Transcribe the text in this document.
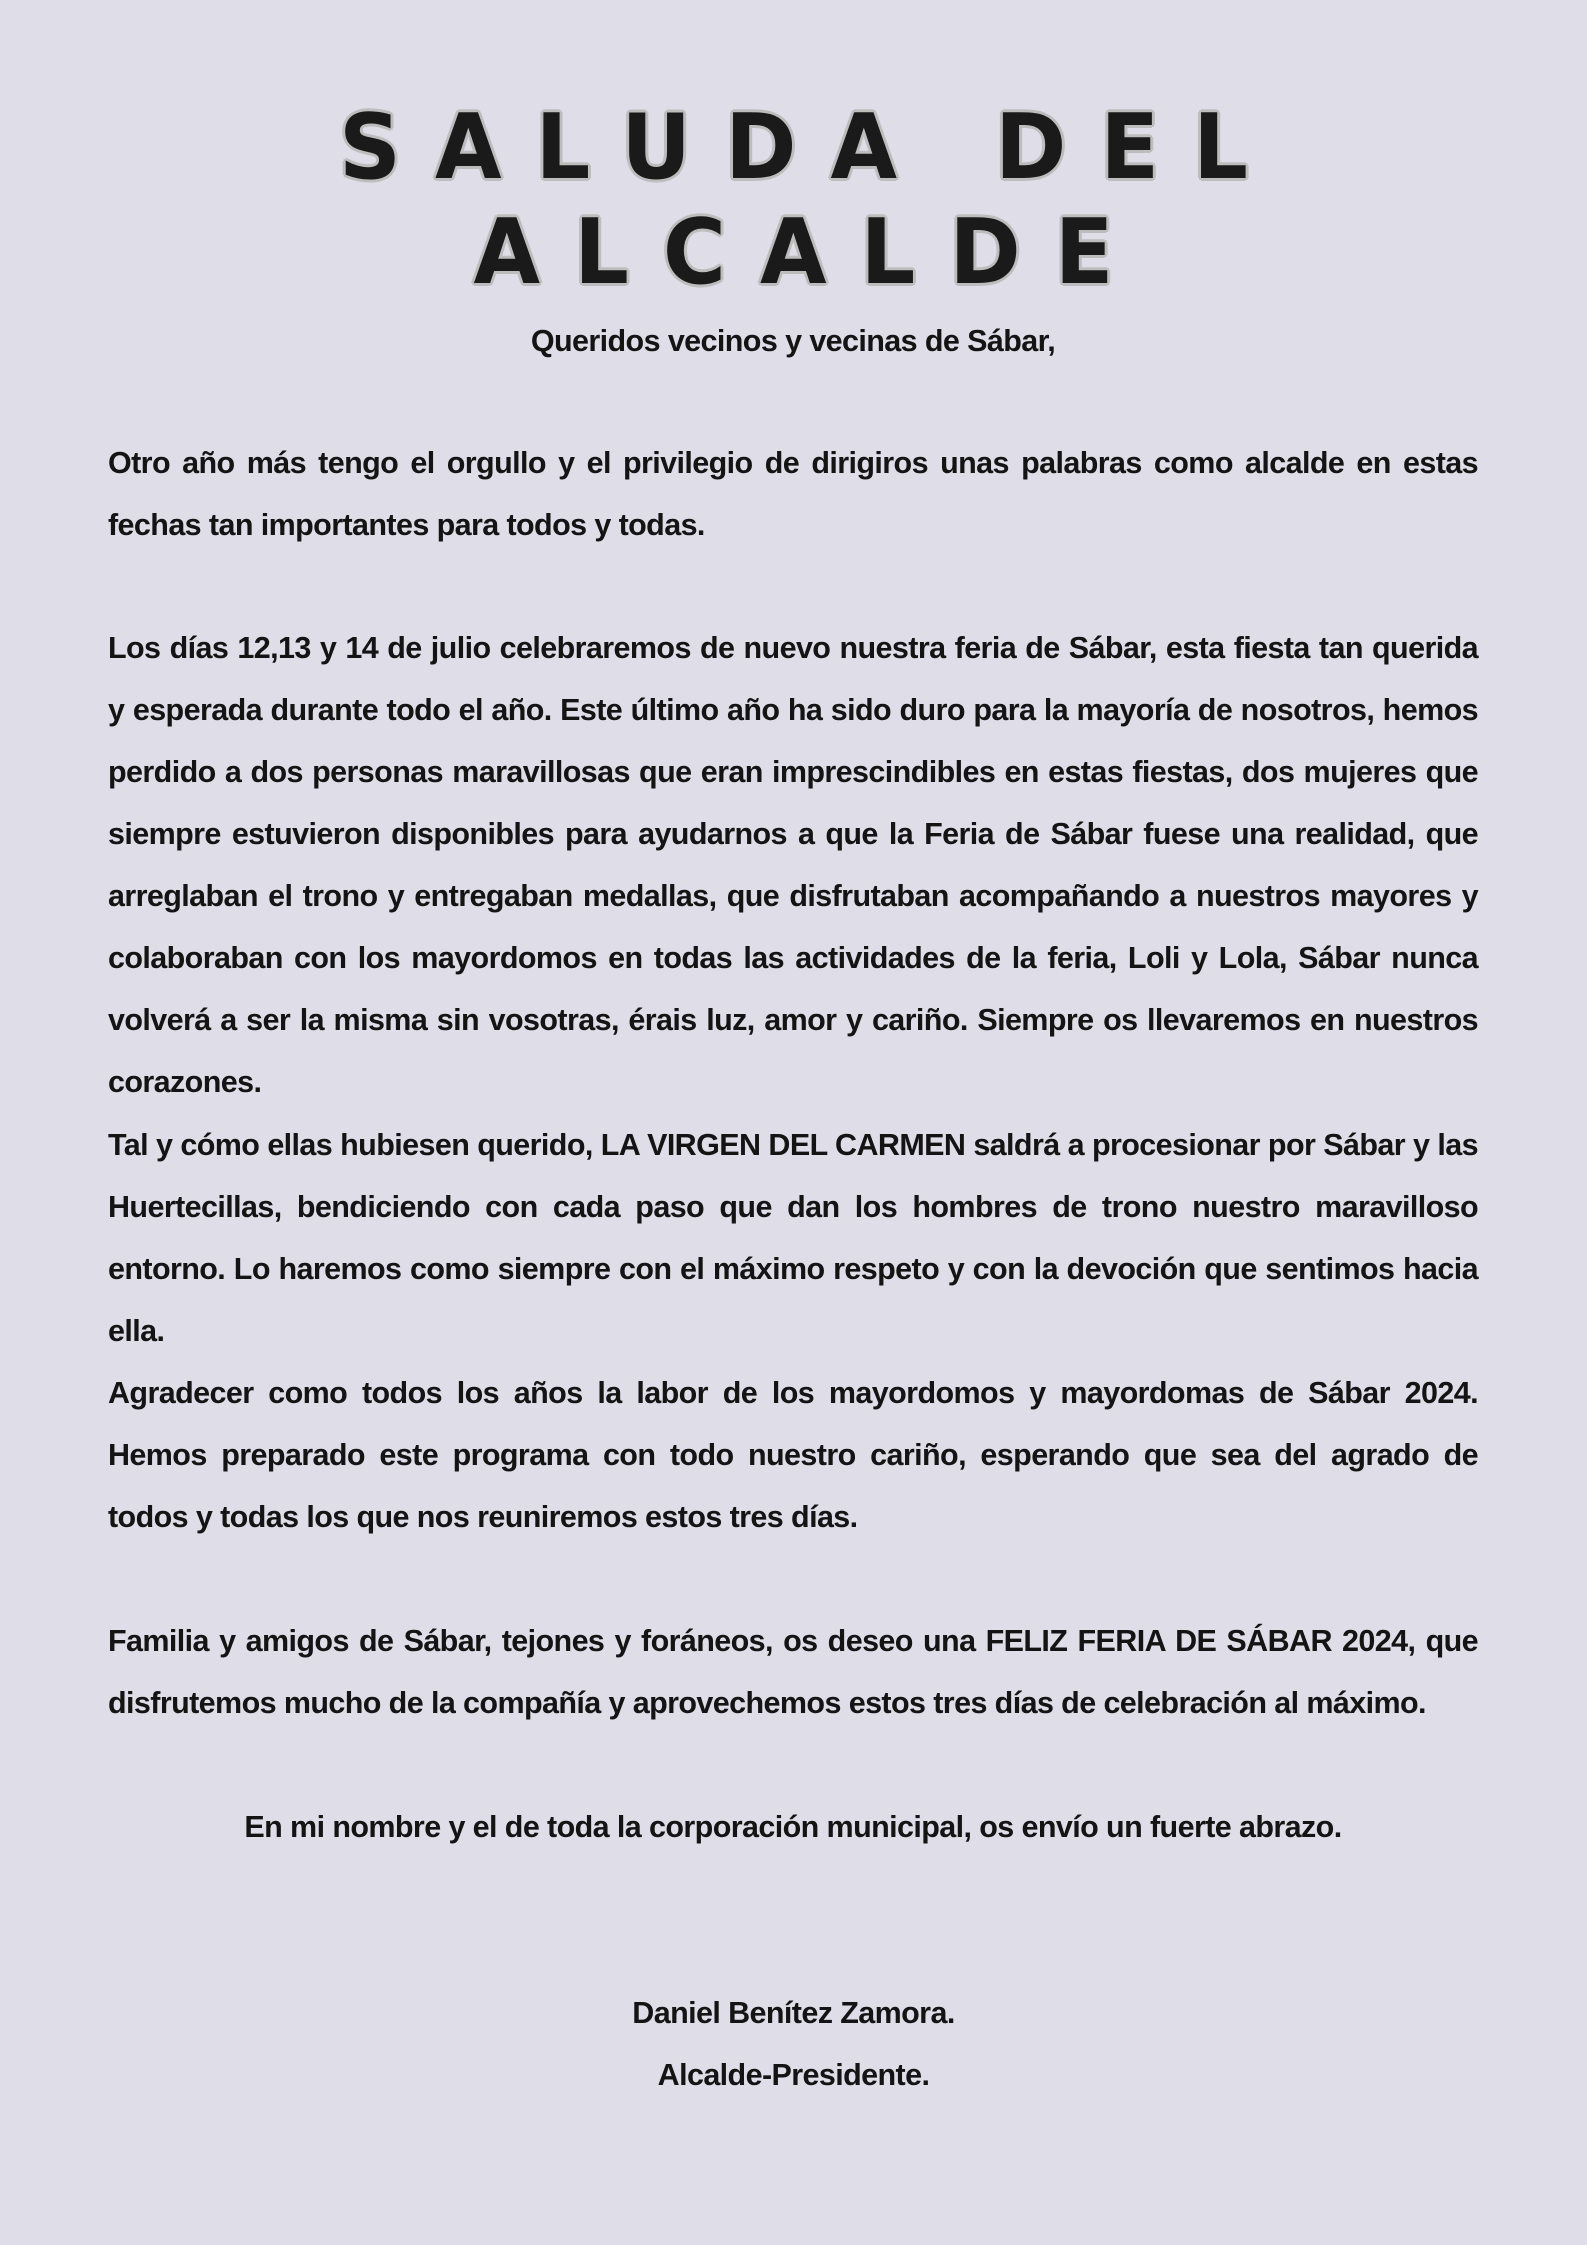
SALUDA DEL ALCALDE

Queridos vecinos y vecinas de Sábar,

Otro año más tengo el orgullo y el privilegio de dirigiros unas palabras como alcalde en estas fechas tan importantes para todos y todas.

Los días 12,13 y 14 de julio celebraremos de nuevo nuestra feria de Sábar, esta fiesta tan querida y esperada durante todo el año. Este último año ha sido duro para la mayoría de nosotros, hemos perdido a dos personas maravillosas que eran imprescindibles en estas fiestas, dos mujeres que siempre estuvieron disponibles para ayudarnos a que la Feria de Sábar fuese una realidad, que arreglaban el trono y entregaban medallas, que disfrutaban acompañando a nuestros mayores y colaboraban con los mayordomos en todas las actividades de la feria, Loli y Lola, Sábar nunca volverá a ser la misma sin vosotras, érais luz, amor y cariño. Siempre os llevaremos en nuestros corazones.

Tal y cómo ellas hubiesen querido, LA VIRGEN DEL CARMEN saldrá a procesionar por Sábar y las Huertecillas, bendiciendo con cada paso que dan los hombres de trono nuestro maravilloso entorno. Lo haremos como siempre con el máximo respeto y con la devoción que sentimos hacia ella.

Agradecer como todos los años la labor de los mayordomos y mayordomas de Sábar 2024. Hemos preparado este programa con todo nuestro cariño, esperando que sea del agrado de todos y todas los que nos reuniremos estos tres días.

Familia y amigos de Sábar, tejones y foráneos, os deseo una FELIZ FERIA DE SÁBAR 2024, que disfrutemos mucho de la compañía y aprovechemos estos tres días de celebración al máximo.

En mi nombre y el de toda la corporación municipal, os envío un fuerte abrazo.

Daniel Benítez Zamora.
Alcalde-Presidente.
